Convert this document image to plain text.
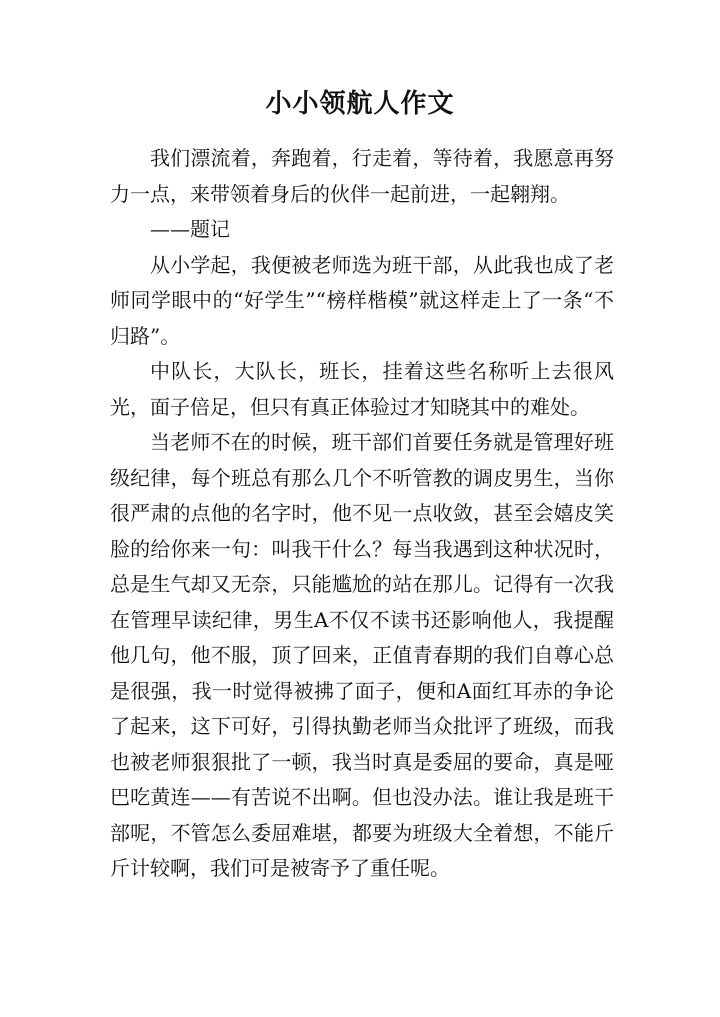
小小领航人作文

我们漂流着，奔跑着，行走着，等待着，我愿意再努力一点，来带领着身后的伙伴一起前进，一起翱翔。

——题记

从小学起，我便被老师选为班干部，从此我也成了老师同学眼中的“好学生”“榜样楷模”就这样走上了一条“不归路”。

中队长，大队长，班长，挂着这些名称听上去很风光，面子倍足，但只有真正体验过才知晓其中的难处。

当老师不在的时候，班干部们首要任务就是管理好班级纪律，每个班总有那么几个不听管教的调皮男生，当你很严肃的点他的名字时，他不见一点收敛，甚至会嬉皮笑脸的给你来一句：叫我干什么？每当我遇到这种状况时，总是生气却又无奈，只能尴尬的站在那儿。记得有一次我在管理早读纪律，男生A不仅不读书还影响他人，我提醒他几句，他不服，顶了回来，正值青春期的我们自尊心总是很强，我一时觉得被拂了面子，便和A面红耳赤的争论了起来，这下可好，引得执勤老师当众批评了班级，而我也被老师狠狠批了一顿，我当时真是委屈的要命，真是哑巴吃黄连——有苦说不出啊。但也没办法。谁让我是班干部呢，不管怎么委屈难堪，都要为班级大全着想，不能斤斤计较啊，我们可是被寄予了重任呢。
